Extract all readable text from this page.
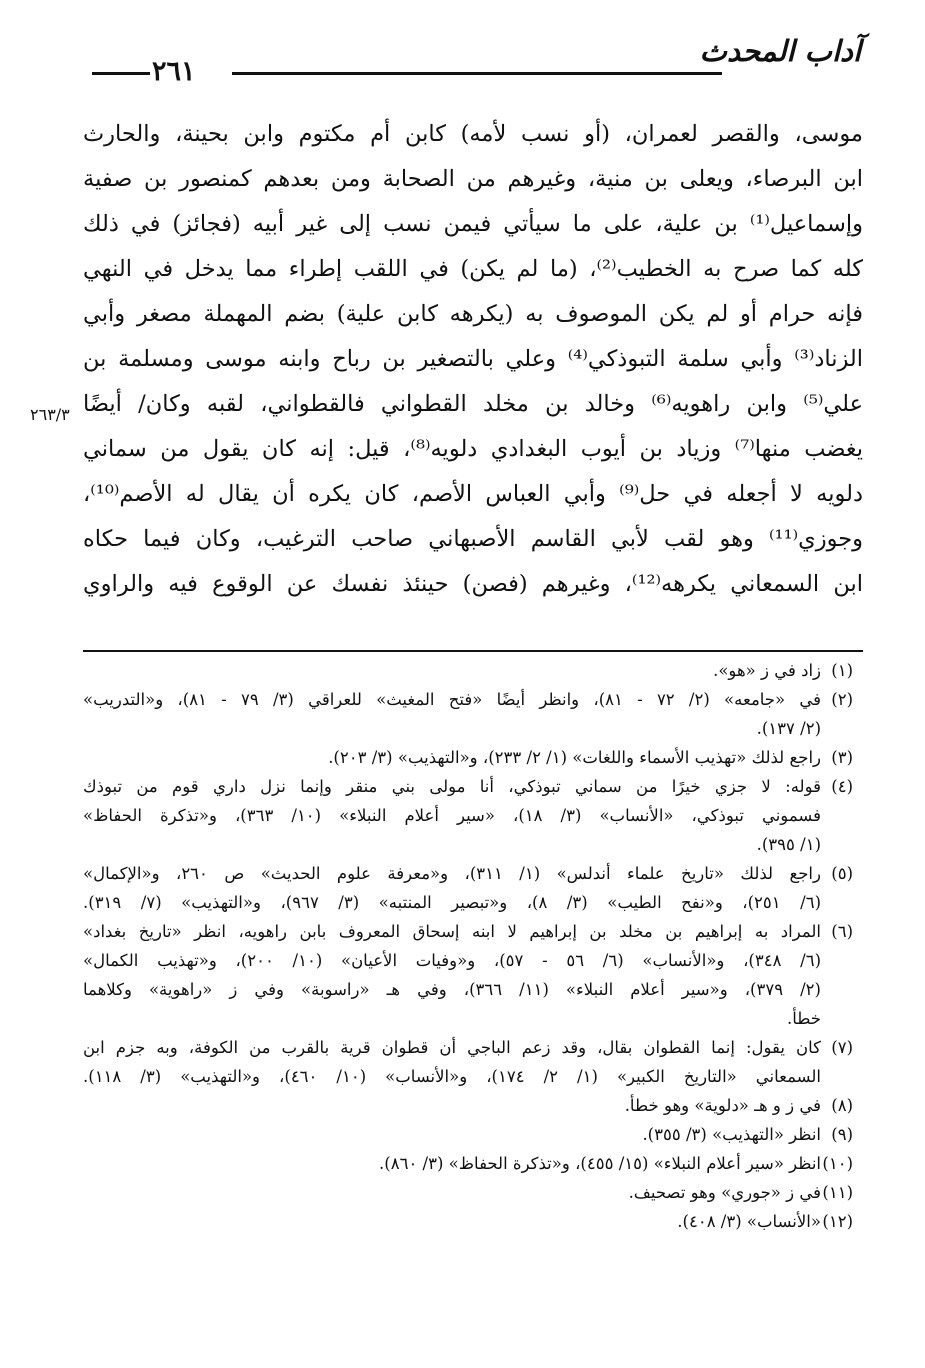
آداب المحدث
٢٦١
موسى، والقصر لعمران، (أو نسب لأمه) كابن أم مكتوم وابن بحينة، والحارث
ابن البرصاء، ويعلى بن منية، وغيرهم من الصحابة ومن بعدهم كمنصور بن صفية
وإسماعيل⁽¹⁾ بن علية، على ما سيأتي فيمن نسب إلى غير أبيه (فجائز) في ذلك
كله كما صرح به الخطيب⁽²⁾، (ما لم يكن) في اللقب إطراء مما يدخل في النهي
فإنه حرام أو لم يكن الموصوف به (يكرهه كابن علية) بضم المهملة مصغر وأبي
الزناد⁽³⁾ وأبي سلمة التبوذكي⁽⁴⁾ وعلي بالتصغير بن رباح وابنه موسى ومسلمة بن
علي⁽⁵⁾ وابن راهويه⁽⁶⁾ وخالد بن مخلد القطواني فالقطواني، لقبه وكان/ أيضًا
يغضب منها⁽⁷⁾ وزياد بن أيوب البغدادي دلويه⁽⁸⁾، قيل: إنه كان يقول من سماني
دلويه لا أجعله في حل⁽⁹⁾ وأبي العباس الأصم، كان يكره أن يقال له الأصم⁽¹⁰⁾،
وجوزي⁽¹¹⁾ وهو لقب لأبي القاسم الأصبهاني صاحب الترغيب، وكان فيما حكاه
ابن السمعاني يكرهه⁽¹²⁾، وغيرهم (فصن) حينئذ نفسك عن الوقوع فيه والراوي
٢٦٣/٣
(١)
زاد في ز «هو».
(٢)
في «جامعه» (٢/ ٧٢ - ٨١)، وانظر أيضًا «فتح المغيث» للعراقي (٣/ ٧٩ - ٨١)، و«التدريب»
(٢/ ١٣٧).
(٣)
راجع لذلك «تهذيب الأسماء واللغات» (١/ ٢/ ٢٣٣)، و«التهذيب» (٣/ ٢٠٣).
(٤)
قوله: لا جزي خيرًا من سماني تبوذكي، أنا مولى بني منقر وإنما نزل داري قوم من تبوذك
فسموني تبوذكي، «الأنساب» (٣/ ١٨)، «سير أعلام النبلاء» (١٠/ ٣٦٣)، و«تذكرة الحفاظ»
(١/ ٣٩٥).
(٥)
راجع لذلك «تاريخ علماء أندلس» (١/ ٣١١)، و«معرفة علوم الحديث» ص ٢٦٠، و«الإكمال»
(٦/ ٢٥١)، و«نفح الطيب» (٣/ ٨)، و«تبصير المنتبه» (٣/ ٩٦٧)، و«التهذيب» (٧/ ٣١٩).
(٦)
المراد به إبراهيم بن مخلد بن إبراهيم لا ابنه إسحاق المعروف بابن راهويه، انظر «تاريخ بغداد»
(٦/ ٣٤٨)، و«الأنساب» (٦/ ٥٦ - ٥٧)، و«وفيات الأعيان» (١٠/ ٢٠٠)، و«تهذيب الكمال»
(٢/ ٣٧٩)، و«سير أعلام النبلاء» (١١/ ٣٦٦)، وفي هـ «راسوبة» وفي ز «راهوية» وكلاهما
خطأ.
(٧)
كان يقول: إنما القطوان بقال، وقد زعم الباجي أن قطوان قرية بالقرب من الكوفة، وبه جزم ابن
السمعاني «التاريخ الكبير» (١/ ٢/ ١٧٤)، و«الأنساب» (١٠/ ٤٦٠)، و«التهذيب» (٣/ ١١٨).
(٨)
في ز و هـ «دلوية» وهو خطأ.
(٩)
انظر «التهذيب» (٣/ ٣٥٥).
(١٠)
انظر «سير أعلام النبلاء» (١٥/ ٤٥٥)، و«تذكرة الحفاظ» (٣/ ٨٦٠).
(١١)
في ز «جوري» وهو تصحيف.
(١٢)
«الأنساب» (٣/ ٤٠٨).
